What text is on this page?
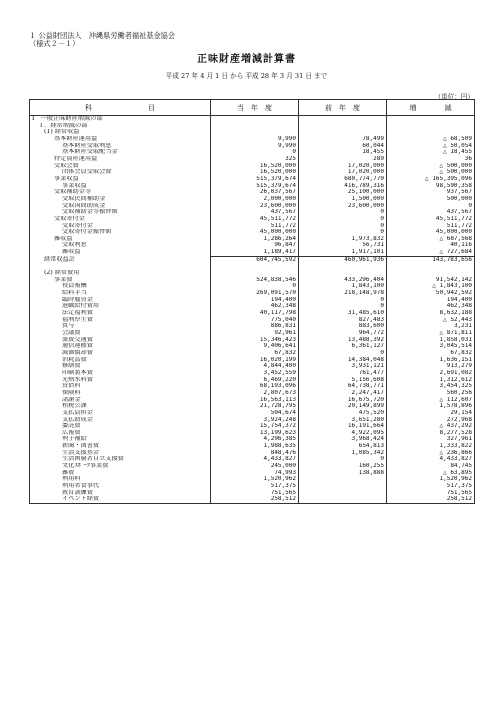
１ 公益財団法人　沖縄県労働者福祉基金協会
（様式２－１）
正味財産増減計算書
平成 27 年 4 月 1 日 から 平成 28 年 3 月 31 日 まで
（単位：円）
科　　　　　　　　目	当　年　度	前　年　度	増　　　　減
Ⅰ　一般正味財産増減の部			
１．経常増減の部			
(1) 経常収益			
基本財産運用益	9,990	78,499	△ 68,509
基本財産受取利息	9,990	60,044	△ 50,054
基本財産受取配当金	0	18,455	△ 18,455
特定資産運用益	325	289	36
受取会費	16,520,000	17,020,000	△ 500,000
団体会員受取会費	16,520,000	17,020,000	△ 500,000
事業収益	515,379,674	680,774,770	△ 165,395,096
事業収益	515,379,674	416,789,316	98,590,358
受取補助金等	26,037,567	25,100,000	937,567
受取民間補助金	2,000,000	1,500,000	500,000
受取国間助成金	23,600,000	23,600,000	0
受取補助金等振替額	437,567	0	437,567
受取寄付金	45,511,772	0	45,511,772
受取寄付金	511,772	0	511,772
受取寄付金振替額	45,000,000	0	45,000,000
雑収益	1,286,264	1,973,832	△ 687,568
受取利息	96,847	56,731	40,116
雑収益	1,189,417	1,917,101	△ 727,684
経常収益計	604,745,592	460,961,936	143,783,656

(2) 経常費用			
事業費	524,838,546	433,296,404	91,542,142
役員報酬	0	1,843,100	△ 1,843,100
給料手当	269,091,570	218,148,978	50,942,592
臨時雇賃金	194,400	0	194,400
退職給付費用	462,348	0	462,348
法定福利費	40,117,798	31,485,610	8,632,188
福利厚生費	775,040	827,483	△ 52,443
賞与	886,831	883,600	3,231
会議費	92,961	964,772	△ 871,811
旅費交通費	15,346,423	13,488,392	1,858,031
通信運搬費	9,406,641	6,361,127	3,045,514
減価償却費	67,832	0	67,832
消耗品費	16,020,199	14,384,048	1,636,151
修繕費	4,844,400	3,931,121	913,279
印刷製本費	3,452,559	761,477	2,691,082
光熱水料費	6,469,220	5,156,608	1,312,612
賃借料	68,193,096	64,738,771	3,454,325
保険料	2,807,673	2,247,417	560,256
諸謝金	16,563,113	16,675,720	△ 112,607
租税公課	21,728,795	20,149,899	1,578,896
支払負担金	504,674	475,520	29,154
支払助成金	3,924,248	3,651,280	272,968
委託費	15,754,372	16,191,664	△ 437,292
広報費	13,199,623	4,922,095	8,277,528
利子補給	4,296,385	3,968,424	327,961
新聞・図書費	1,988,635	654,813	1,333,822
生活支援基金	848,476	1,085,342	△ 236,866
生活困窮者自立支援費	4,433,827	0	4,433,827
文化ｽﾎﾟｰﾂ事業費	245,000	160,255	84,745
雑費	74,993	138,888	△ 63,895
利用料	1,520,962		1,520,962
利用者食事代	517,375		517,375
教育訓練費	751,565		751,565
イベント経費	258,512		258,512
